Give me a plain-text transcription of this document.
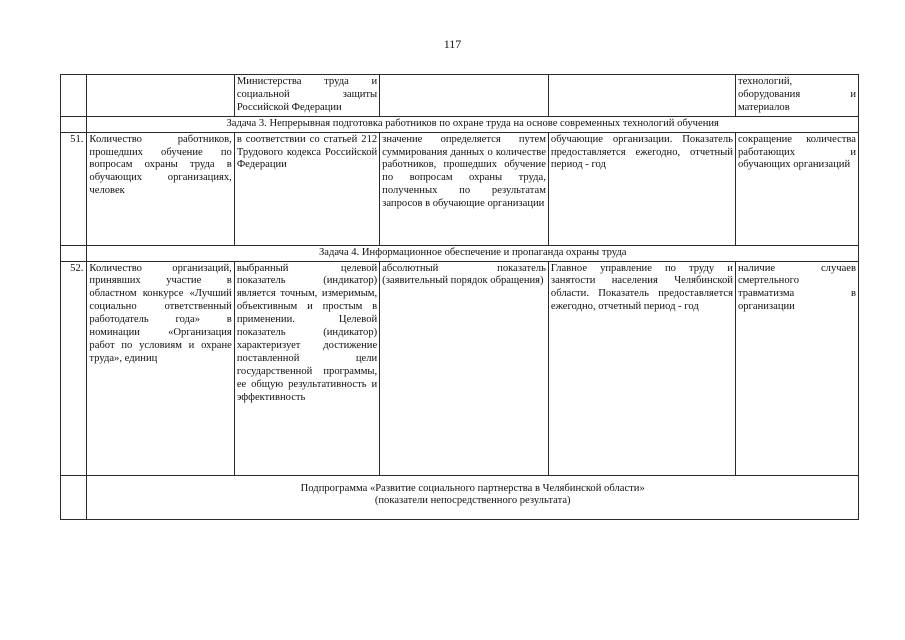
117
		Министерства труда и социальной защиты Российской Федерации			технологий, оборудования и материалов
	Задача 3. Непрерывная подготовка работников по охране труда на основе современных технологий обучения				
51.	Количество работников, прошедших обучение по вопросам охраны труда в обучающих организациях, человек	в соответствии со статьей 212 Трудового кодекса Российской Федерации	значение определяется путем суммирования данных о количестве работников, прошедших обучение по вопросам охраны труда, полученных по результатам запросов в обучающие организации	обучающие организации. Показатель предоставляется ежегодно, отчетный период - год	сокращение количества работающих и обучающих организаций
	Задача 4. Информационное обеспечение и пропаганда охраны труда				
52.	Количество организаций, принявших участие в областном конкурсе «Лучший социально ответственный работодатель года» в номинации «Организация работ по условиям и охране труда», единиц	выбранный целевой показатель (индикатор) является точным, измеримым, объективным и простым в применении. Целевой показатель (индикатор) характеризует достижение поставленной цели государственной программы, ее общую результативность и эффективность	абсолютный показатель (заявительный порядок обращения)	Главное управление по труду и занятости населения Челябинской области. Показатель предоставляется ежегодно, отчетный период - год	наличие случаев смертельного травматизма в организации

	Подпрограмма «Развитие социального партнерства в Челябинской области»
(показатели непосредственного результата)				
